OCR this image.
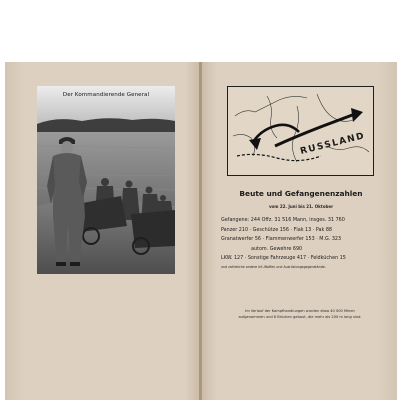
Der Kommandierende General
RUSSLAND
Beute und Gefangenenzahlen
vom 22. Juni bis 21. Oktober
Gefangene: 244 Offz. 31 516 Mann, insges. 31 760
Panzer 210 · Geschütze 156 · Flak 13 · Pak 88
Granatwerfer 56 · Flammenwerfer 153 · M.G. 323
autom. Gewehre 690
LKW. 127 · Sonstige Fahrzeuge 417 · Feldküchen 15
und zahlreiche andere Inf.-Waffen und Ausrüstungsgegenstände.
Im Verlauf der Kampfhandlungen wurden etwa 40 000 Minen
aufgenommen und 6 Brücken gebaut, die mehr als 200 m lang sind.
